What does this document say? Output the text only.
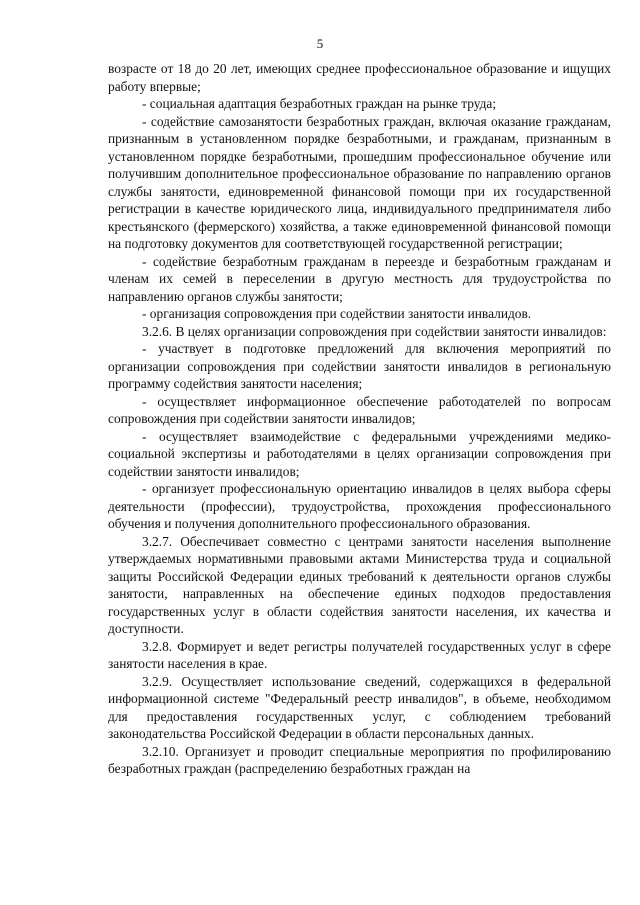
5

возрасте от 18 до 20 лет, имеющих среднее профессиональное образование и ищущих работу впервые;

- социальная адаптация безработных граждан на рынке труда;

- содействие самозанятости безработных граждан, включая оказание гражданам, признанным в установленном порядке безработными, и граждaнам, признанным в установленном порядке безработными, прошедшим профессиональное обучение или получившим дополнительное профессиональное образование по направлению органов службы занятости, единовременной финансовой помощи при их государственной регистрации в качестве юридического лица, индивидуального предпринимателя либо крестьянского (фермерского) хозяйства, а также единовременной финансовой помощи на подготовку документов для соответствующей государственной регистрации;

- содействие безработным гражданам в переезде и безработным гражданам и членам их семей в переселении в другую местность для трудоустройства по направлению органов службы занятости;

- организация сопровождения при содействии занятости инвалидов.

3.2.6. В целях организации сопровождения при содействии занятости инвалидов:

- участвует в подготовке предложений для включения мероприятий по организации сопровождения при содействии занятости инвалидов в региональную программу содействия занятости населения;

- осуществляет информационное обеспечение работодателей по вопросам сопровождения при содействии занятости инвалидов;

- осуществляет взаимодействие с федеральными учреждениями медико-социальной экспертизы и работодателями в целях организации сопровождения при содействии занятости инвалидов;

- организует профессиональную ориентацию инвалидов в целях выбора сферы деятельности (профессии), трудоустройства, прохождения профессионального обучения и получения дополнительного профессионального образования.

3.2.7. Обеспечивает совместно с центрами занятости населения выполнение утверждаемых нормативными правовыми актами Министерства труда и социальной защиты Российской Федерации единых требований к деятельности органов службы занятости, направленных на обеспечение единых подходов предоставления государственных услуг в области содействия занятости населения, их качества и доступности.

3.2.8. Формирует и ведет регистры получателей государственных услуг в сфере занятости населения в крае.

3.2.9. Осуществляет использование сведений, содержащихся в федеральной информационной системе "Федеральный реестр инвалидов", в объеме, необходимом для предоставления государственных услуг, с соблюдением требований законодательства Российской Федерации в области персональных данных.

3.2.10. Организует и проводит специальные мероприятия по профилированию безработных граждан (распределению безработных граждан на
